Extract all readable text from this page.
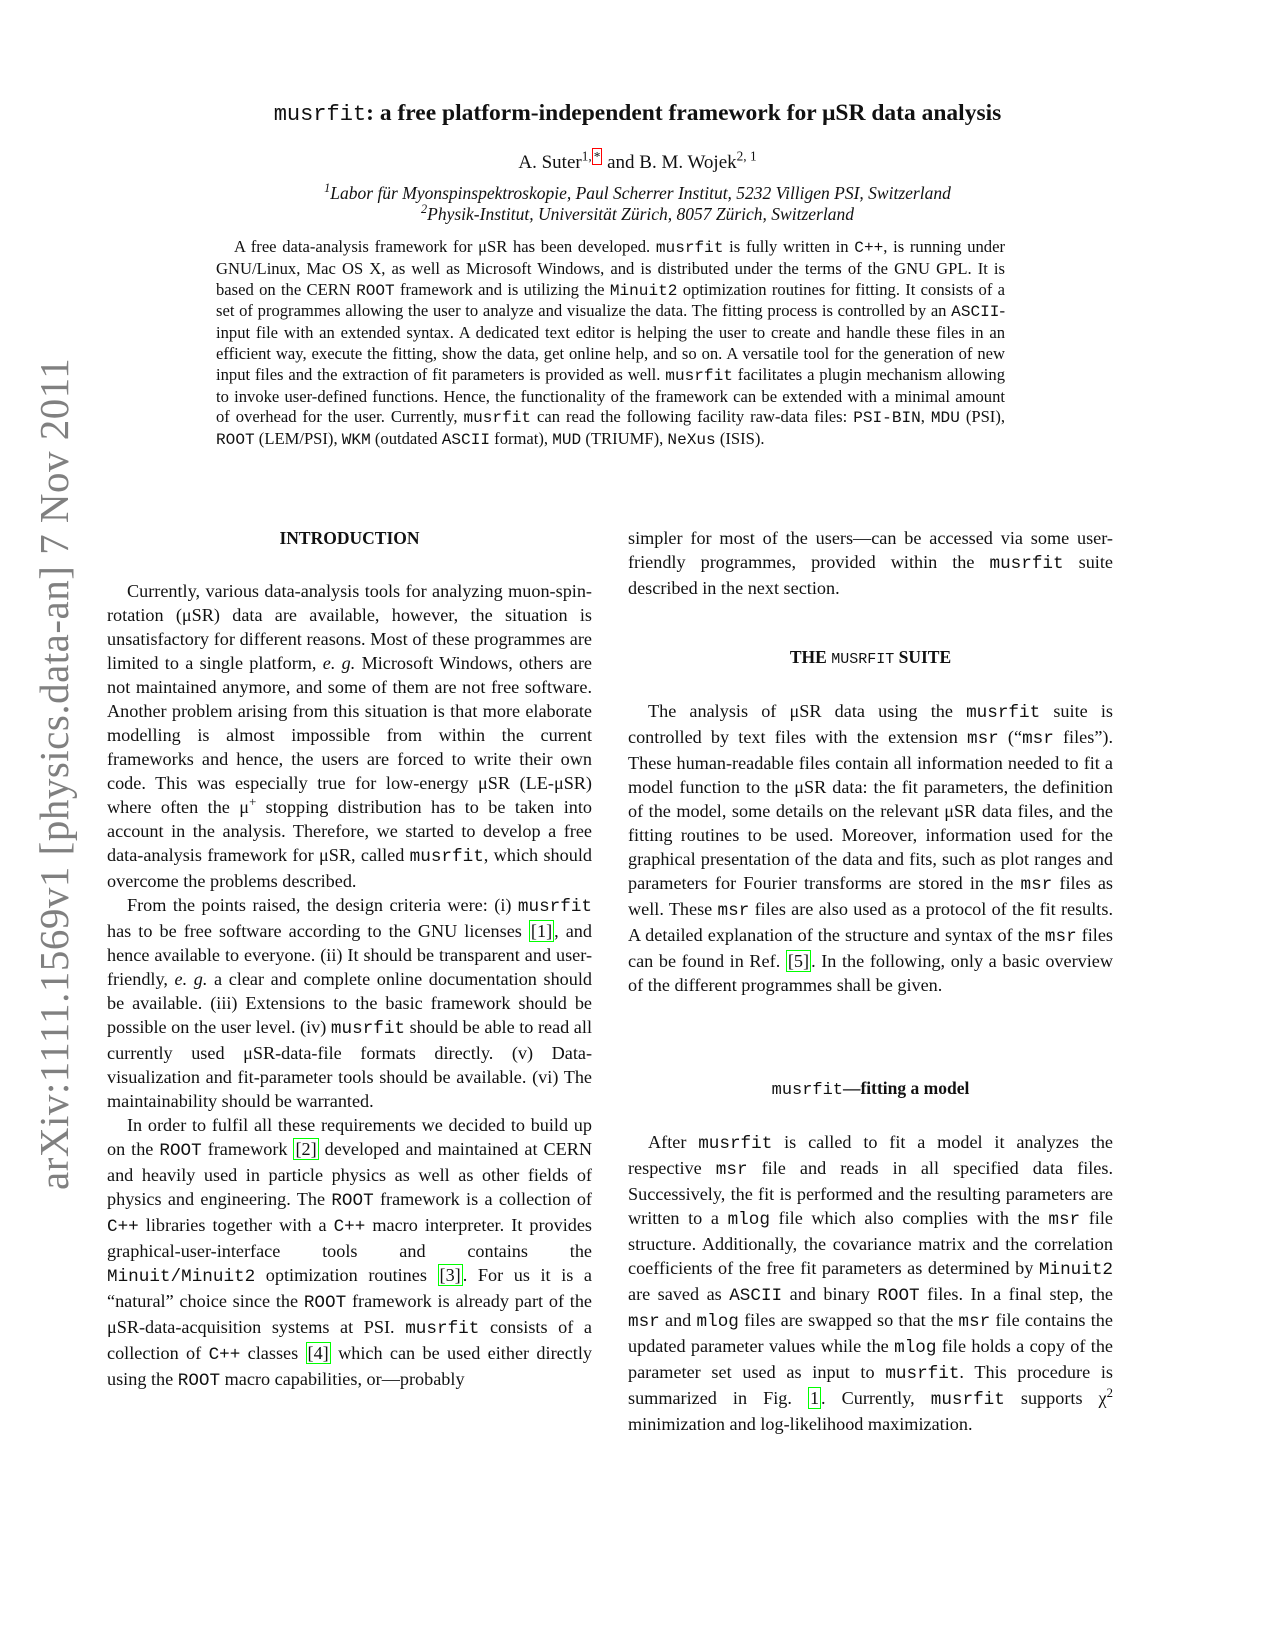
arXiv:1111.1569v1 [physics.data-an] 7 Nov 2011
musrfit: a free platform-independent framework for μSR data analysis
A. Suter$^{1,}$ * and B. M. Wojek$^{2, 1}$
$^1$Labor für Myonspinspektroskopie, Paul Scherrer Institut, 5232 Villigen PSI, Switzerland
$^2$Physik-Institut, Universität Zürich, 8057 Zürich, Switzerland
A free data-analysis framework for μSR has been developed. musrfit is fully written in C++, is running under GNU/Linux, Mac OS X, as well as Microsoft Windows, and is distributed under the terms of the GNU GPL. It is based on the CERN ROOT framework and is utilizing the Minuit2 optimization routines for fitting. It consists of a set of programmes allowing the user to analyze and visualize the data. The fitting process is controlled by an ASCII-input file with an extended syntax. A dedicated text editor is helping the user to create and handle these files in an efficient way, execute the fitting, show the data, get online help, and so on. A versatile tool for the generation of new input files and the extraction of fit parameters is provided as well. musrfit facilitates a plugin mechanism allowing to invoke user-defined functions. Hence, the functionality of the framework can be extended with a minimal amount of overhead for the user. Currently, musrfit can read the following facility raw-data files: PSI-BIN, MDU (PSI), ROOT (LEM/PSI), WKM (outdated ASCII format), MUD (TRIUMF), NeXus (ISIS).
INTRODUCTION

Currently, various data-analysis tools for analyzing muon-spin-rotation (μSR) data are available, however, the situation is unsatisfactory for different reasons. Most of these programmes are limited to a single platform, e. g. Microsoft Windows, others are not maintained anymore, and some of them are not free software. Another problem arising from this situation is that more elaborate modelling is almost impossible from within the current frameworks and hence, the users are forced to write their own code. This was especially true for low-energy μSR (LE-μSR) where often the μ+ stopping distribution has to be taken into account in the analysis. Therefore, we started to develop a free data-analysis framework for μSR, called musrfit, which should overcome the problems described.

From the points raised, the design criteria were: (i) musrfit has to be free software according to the GNU licenses [1] , and hence available to everyone. (ii) It should be transparent and user-friendly, e. g. a clear and complete online documentation should be available. (iii) Extensions to the basic framework should be possible on the user level. (iv) musrfit should be able to read all currently used μSR-data-file formats directly. (v) Data-visualization and fit-parameter tools should be available. (vi) The maintainability should be warranted.

In order to fulfil all these requirements we decided to build up on the ROOT framework [2] developed and maintained at CERN and heavily used in particle physics as well as other fields of physics and engineering. The ROOT framework is a collection of C++ libraries together with a C++ macro interpreter. It provides graphical-user-interface tools and contains the Minuit/Minuit2 optimization routines [3] . For us it is a “natural” choice since the ROOT framework is already part of the μSR-data-acquisition systems at PSI. musrfit consists of a collection of C++ classes [4] which can be used either directly using the ROOT macro capabilities, or—probably

simpler for most of the users—can be accessed via some user-friendly programmes, provided within the musrfit suite described in the next section.

THE MUSRFIT SUITE

The analysis of μSR data using the musrfit suite is controlled by text files with the extension msr (“msr files”). These human-readable files contain all information needed to fit a model function to the μSR data: the fit parameters, the definition of the model, some details on the relevant μSR data files, and the fitting routines to be used. Moreover, information used for the graphical presentation of the data and fits, such as plot ranges and parameters for Fourier transforms are stored in the msr files as well. These msr files are also used as a protocol of the fit results. A detailed explanation of the structure and syntax of the msr files can be found in Ref. [5] . In the following, only a basic overview of the different programmes shall be given.

musrfit—fitting a model

After musrfit is called to fit a model it analyzes the respective msr file and reads in all specified data files. Successively, the fit is performed and the resulting parameters are written to a mlog file which also complies with the msr file structure. Additionally, the covariance matrix and the correlation coefficients of the free fit parameters as determined by Minuit2 are saved as ASCII and binary ROOT files. In a final step, the msr and mlog files are swapped so that the msr file contains the updated parameter values while the mlog file holds a copy of the parameter set used as input to musrfit. This procedure is summarized in Fig. 1 . Currently, musrfit supports $\chi^2$ minimization and log-likelihood maximization.
